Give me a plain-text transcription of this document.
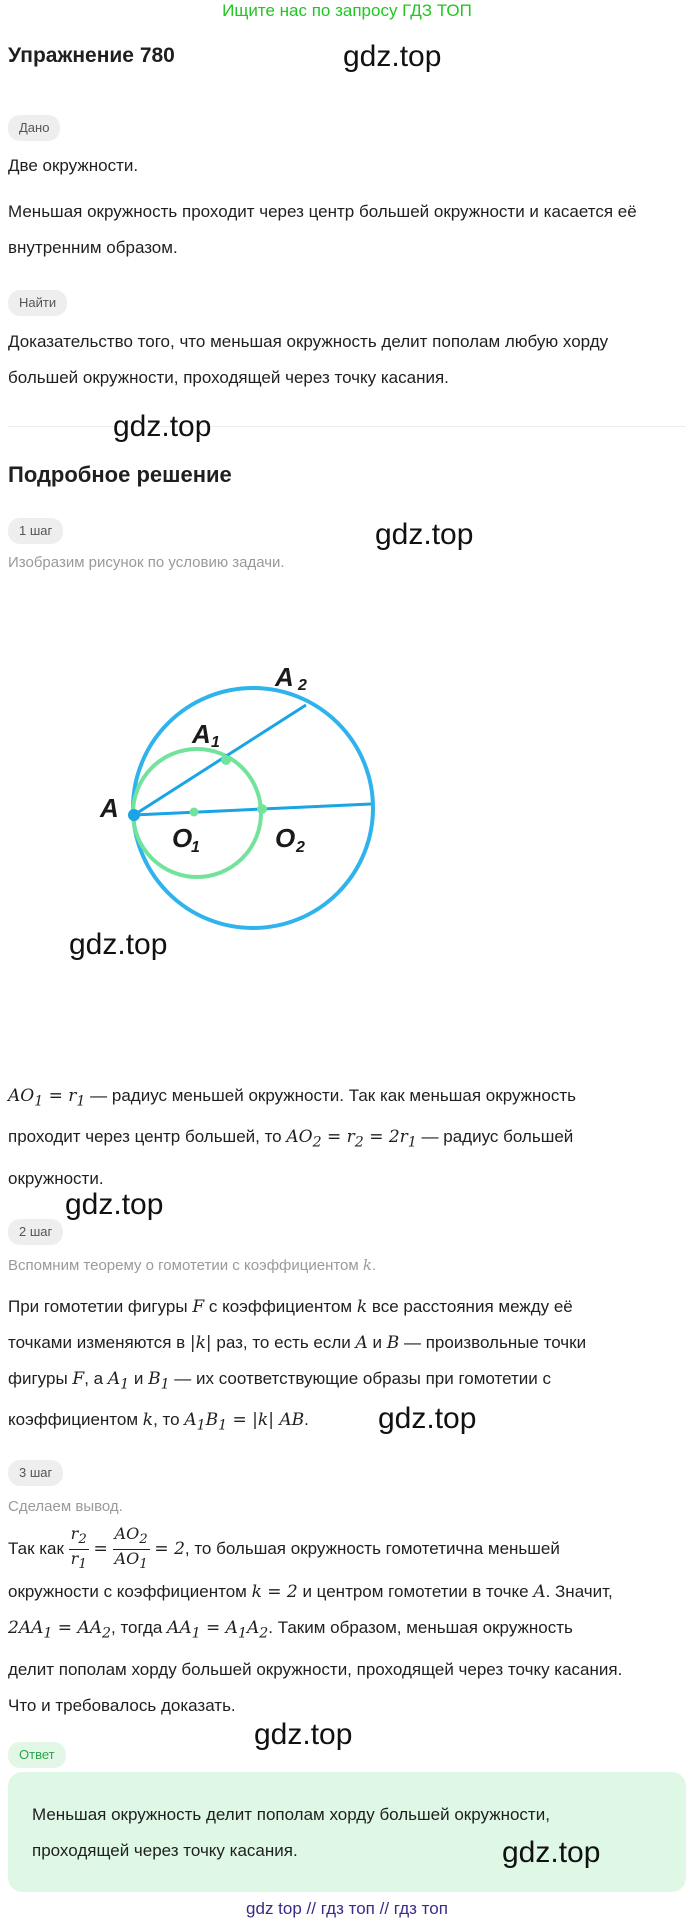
Ищите нас по запросу ГДЗ ТОП
Упражнение 780	gdz.top
Дано
Две окружности.
Меньшая окружность проходит через центр большей окружности и касается её внутренним образом.
Найти
Доказательство того, что меньшая окружность делит пополам любую хорду большей окружности, проходящей через точку касания.
gdz.top
Подробное решение
1 шаг	gdz.top
Изобразим рисунок по условию задачи.
A
A 1
A 2
O
1	O 2
gdz.top
$AO_1 = r_1$ — радиус меньшей окружности. Так как меньшая окружность
проходит через центр большей, то $AO_2 = r_2 = 2r_1$ — радиус большей
окружности.
gdz.top
2 шаг
Вспомним теорему о гомотетии с коэффициентом k.
При гомотетии фигуры F с коэффициентом k все расстояния между её
точками изменяются в |k| раз, то есть если A и B — произвольные точки
фигуры F, а $A_1$ и $B_1$ — их соответствующие образы при гомотетии с
коэффициентом k, то $A_1B_1 = |k|$ AB.	gdz.top
3 шаг
Сделаем вывод.
Так как $\frac{r_2}{r_1} = \frac{AO_2}{AO_1} = 2$, то большая окружность гомотетична меньшей
окружности с коэффициентом k = 2 и центром гомотетии в точке A. Значит,
$2AA_1 = AA_2$, тогда $AA_1 = A_1A_2$. Таким образом, меньшая окружность
делит пополам хорду большей окружности, проходящей через точку касания.
Что и требовалось доказать.
gdz.top
Ответ
Меньшая окружность делит пополам хорду большей окружности,
проходящей через точку касания.	gdz.top
gdz top // гдз топ // гдз топ
